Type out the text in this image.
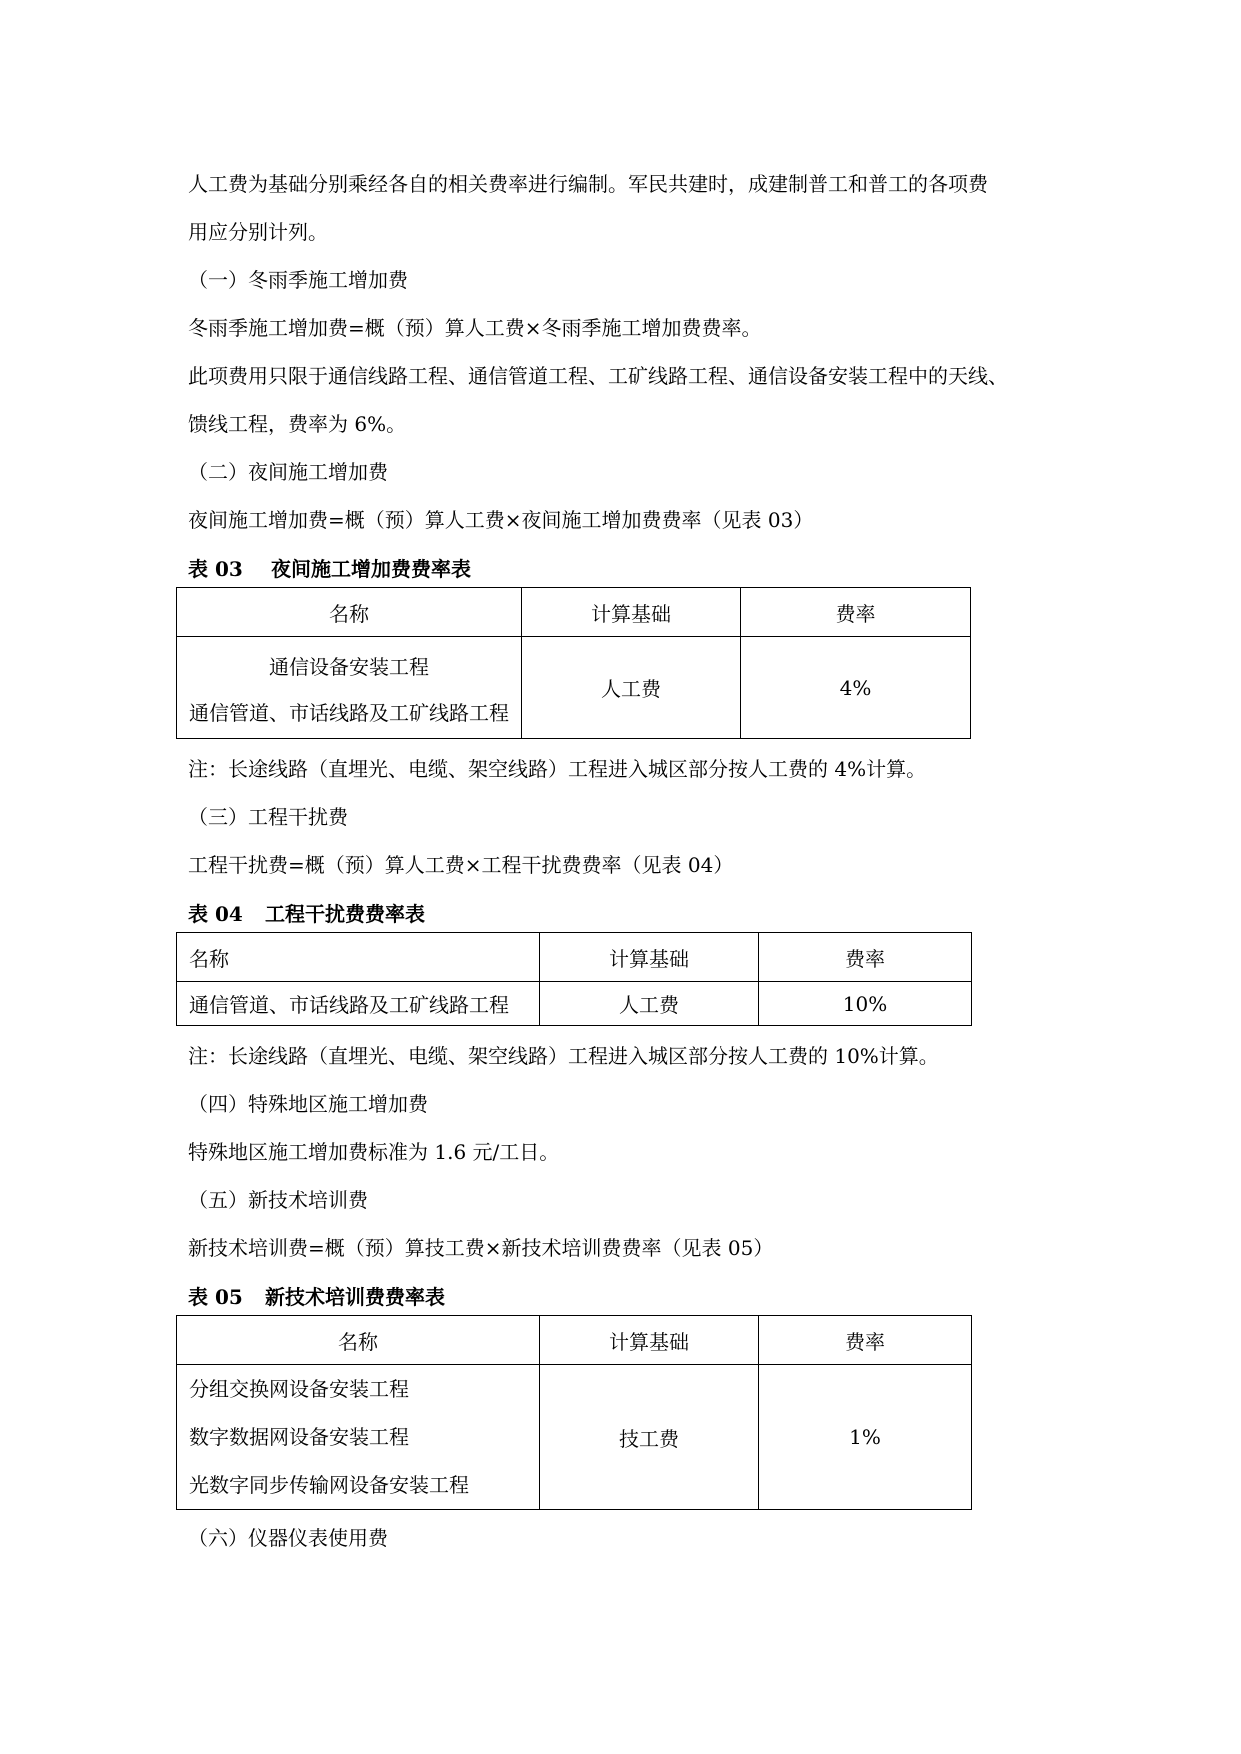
人工费为基础分别乘经各自的相关费率进行编制。军民共建时，成建制普工和普工的各项费

用应分别计列。

（一）冬雨季施工增加费

冬雨季施工增加费=概（预）算人工费×冬雨季施工增加费费率。

此项费用只限于通信线路工程、通信管道工程、工矿线路工程、通信设备安装工程中的天线、

馈线工程，费率为 6%。

（二）夜间施工增加费

夜间施工增加费=概（预）算人工费×夜间施工增加费费率（见表 03）

表 03 夜间施工增加费费率表
名称	计算基础	费率

通信设备安装工程
通信管道、市话线路及工矿线路工程	人工费	4%

注：长途线路（直埋光、电缆、架空线路）工程进入城区部分按人工费的 4%计算。

（三）工程干扰费

工程干扰费=概（预）算人工费×工程干扰费费率（见表 04）

表 04 工程干扰费费率表
名称	计算基础	费率
通信管道、市话线路及工矿线路工程	人工费	10%

注：长途线路（直埋光、电缆、架空线路）工程进入城区部分按人工费的 10%计算。

（四）特殊地区施工增加费

特殊地区施工增加费标准为 1.6 元/工日。

（五）新技术培训费

新技术培训费=概（预）算技工费×新技术培训费费率（见表 05）

表 05 新技术培训费费率表
名称	计算基础	费率

分组交换网设备安装工程
数字数据网设备安装工程
光数字同步传输网设备安装工程	技工费	1%

（六）仪器仪表使用费
